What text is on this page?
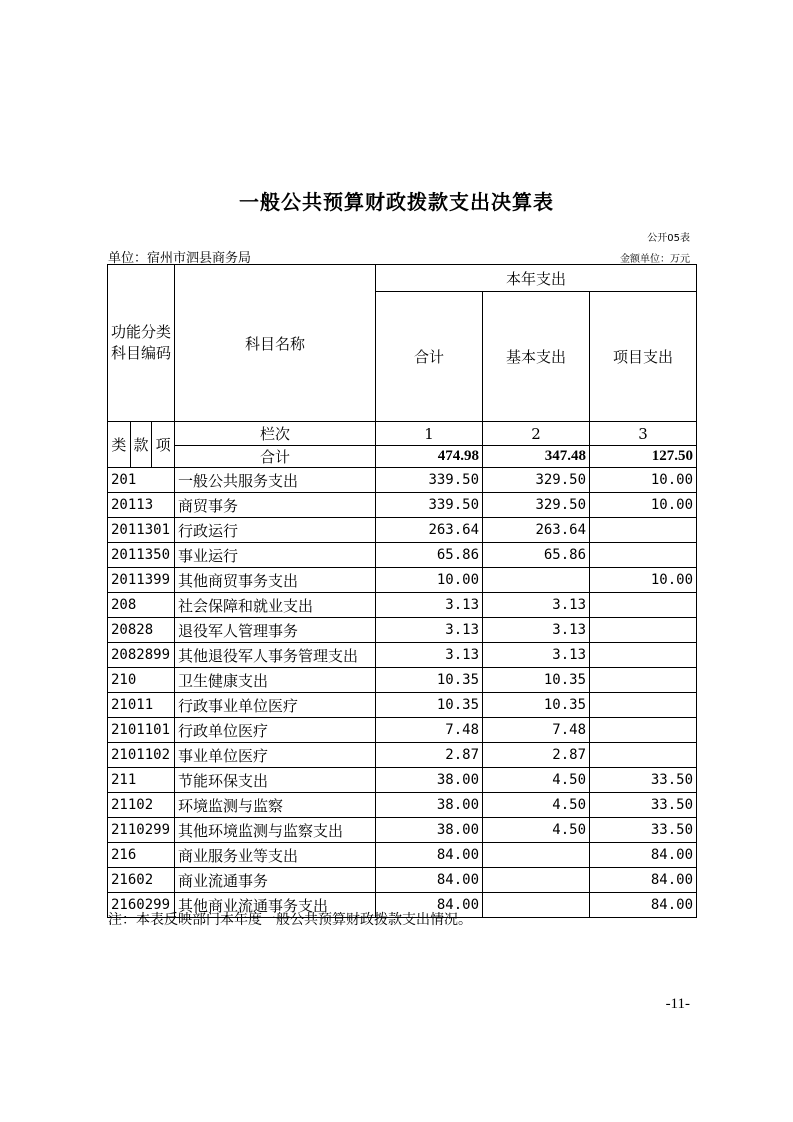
一般公共预算财政拨款支出决算表
公开05表
单位：宿州市泗县商务局	金额单位：万元
功能分类
科目编码			科目名称	本年支出		
				合计	基本支出	项目支出
类	款	项	栏次	1	2	3
			合计	474.98	347.48	127.50
201			一般公共服务支出	339.50	329.50	10.00
20113			商贸事务	339.50	329.50	10.00
2011301			行政运行	263.64	263.64	
2011350			事业运行	65.86	65.86	
2011399			其他商贸事务支出	10.00		10.00
208			社会保障和就业支出	3.13	3.13	
20828			退役军人管理事务	3.13	3.13	
2082899			其他退役军人事务管理支出	3.13	3.13	
210			卫生健康支出	10.35	10.35	
21011			行政事业单位医疗	10.35	10.35	
2101101			行政单位医疗	7.48	7.48	
2101102			事业单位医疗	2.87	2.87	
211			节能环保支出	38.00	4.50	33.50
21102			环境监测与监察	38.00	4.50	33.50
2110299			其他环境监测与监察支出	38.00	4.50	33.50
216			商业服务业等支出	84.00		84.00
21602			商业流通事务	84.00		84.00
2160299			其他商业流通事务支出	84.00		84.00
注：本表反映部门本年度一般公共预算财政拨款支出情况。
-11-
